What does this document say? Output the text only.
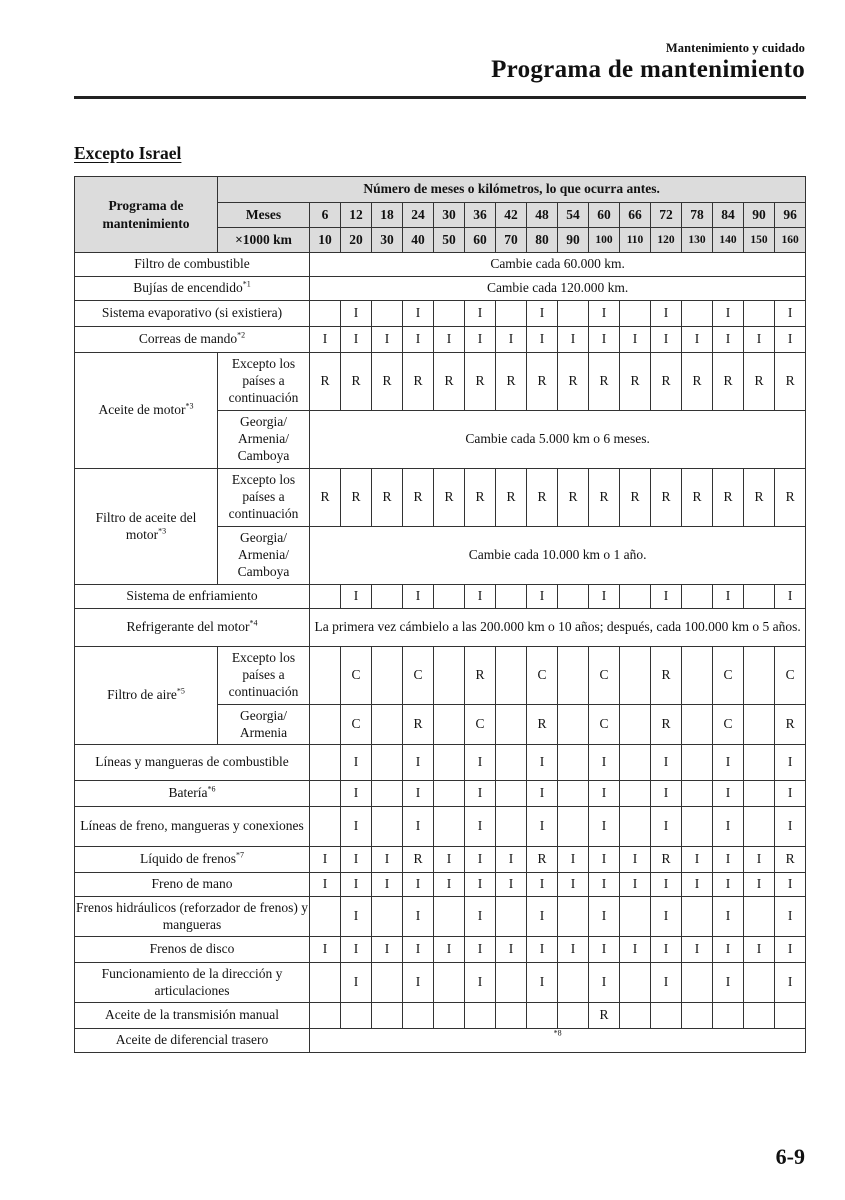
Mantenimiento y cuidado
Programa de mantenimiento
Excepto Israel
Programa de mantenimiento	Número de meses o kilómetros, lo que ocurra antes.																
	Meses	6	12	18	24	30	36	42	48	54	60	66	72	78	84	90	96
	×1000 km	10	20	30	40	50	60	70	80	90	100	110	120	130	140	150	160
Filtro de combustible		Cambie cada 60.000 km.															
Bujías de encendido$^{*1}$		Cambie cada 120.000 km.															
Sistema evaporativo (si existiera)			I		I		I		I		I		I		I		I
Correas de mando$^{*2}$		I	I	I	I	I	I	I	I	I	I	I	I	I	I	I	I
Aceite de motor$^{*3}$	Excepto los países a continuación	R	R	R	R	R	R	R	R	R	R	R	R	R	R	R	R
	Georgia/ Armenia/ Camboya	Cambie cada 5.000 km o 6 meses.															
Filtro de aceite del motor$^{*3}$	Excepto los países a continuación	R	R	R	R	R	R	R	R	R	R	R	R	R	R	R	R
	Georgia/ Armenia/ Camboya	Cambie cada 10.000 km o 1 año.															
Sistema de enfriamiento			I		I		I		I		I		I		I		I
Refrigerante del motor$^{*4}$		La primera vez cámbielo a las 200.000 km o 10 años; después, cada 100.000 km o 5 años.															
Filtro de aire$^{*5}$	Excepto los países a continuación		C		C		R		C		C		R		C		C
	Georgia/ Armenia		C		R		C		R		C		R		C		R
Líneas y mangueras de combustible			I		I		I		I		I		I		I		I
Batería$^{*6}$			I		I		I		I		I		I		I		I
Líneas de freno, mangueras y conexiones			I		I		I		I		I		I		I		I
Líquido de frenos$^{*7}$		I	I	I	R	I	I	I	R	I	I	I	R	I	I	I	R
Freno de mano		I	I	I	I	I	I	I	I	I	I	I	I	I	I	I	I
Frenos hidráulicos (reforzador de frenos) y mangueras			I		I		I		I		I		I		I		I
Frenos de disco		I	I	I	I	I	I	I	I	I	I	I	I	I	I	I	I
Funcionamiento de la dirección y articulaciones			I		I		I		I		I		I		I		I
Aceite de la transmisión manual											R						
Aceite de diferencial trasero		$^{*8}$
6-9
